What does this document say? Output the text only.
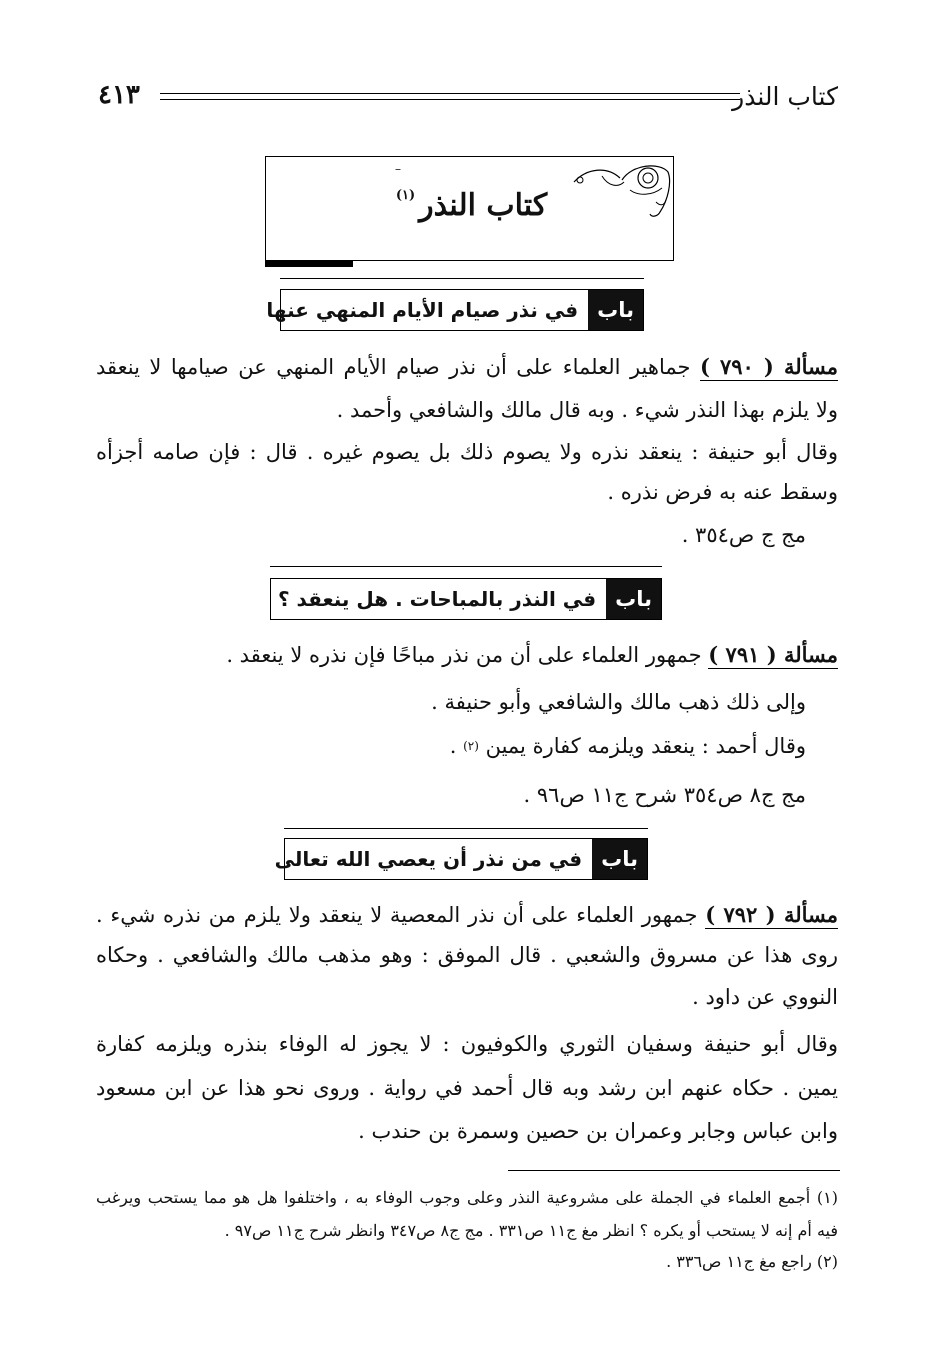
كتاب النذر
٤١٣
–
كتاب النذر$^{(١)}$
باب
في نذر صيام الأيام المنهي عنها
مسألة ( ٧٩٠ ) جماهير العلماء على أن نذر صيام الأيام المنهي عن صيامها لا ينعقد
ولا يلزم بهذا النذر شيء . وبه قال مالك والشافعي وأحمد .
وقال أبو حنيفة : ينعقد نذره ولا يصوم ذلك بل يصوم غيره . قال : فإن صامه أجزأه
وسقط عنه به فرض نذره .
مج ج ص٣٥٤ .
باب
في النذر بالمباحات . هل ينعقد ؟
مسألة ( ٧٩١ ) جمهور العلماء على أن من نذر مباحًا فإن نذره لا ينعقد .
وإلى ذلك ذهب مالك والشافعي وأبو حنيفة .
وقال أحمد : ينعقد ويلزمه كفارة يمين $^{(٢)}$ .
مج ج٨ ص٣٥٤ شرح ج١١ ص٩٦ .
باب
في من نذر أن يعصي الله تعالى
مسألة ( ٧٩٢ ) جمهور العلماء على أن نذر المعصية لا ينعقد ولا يلزم من نذره شيء .
روى هذا عن مسروق والشعبي . قال الموفق : وهو مذهب مالك والشافعي . وحكاه
النووي عن داود .
وقال أبو حنيفة وسفيان الثوري والكوفيون : لا يجوز له الوفاء بنذره ويلزمه كفارة
يمين . حكاه عنهم ابن رشد وبه قال أحمد في رواية . وروى نحو هذا عن ابن مسعود
وابن عباس وجابر وعمران بن حصين وسمرة بن حندب .
(١) أجمع العلماء في الجملة على مشروعية النذر وعلى وجوب الوفاء به ، واختلفوا هل هو مما يستحب ويرغب
فيه أم إنه لا يستحب أو يكره ؟ انظر مغ ج١١ ص٣٣١ . مج ج٨ ص٣٤٧ وانظر شرح ج١١ ص٩٧ .
(٢) راجع مغ ج١١ ص٣٣٦ .
